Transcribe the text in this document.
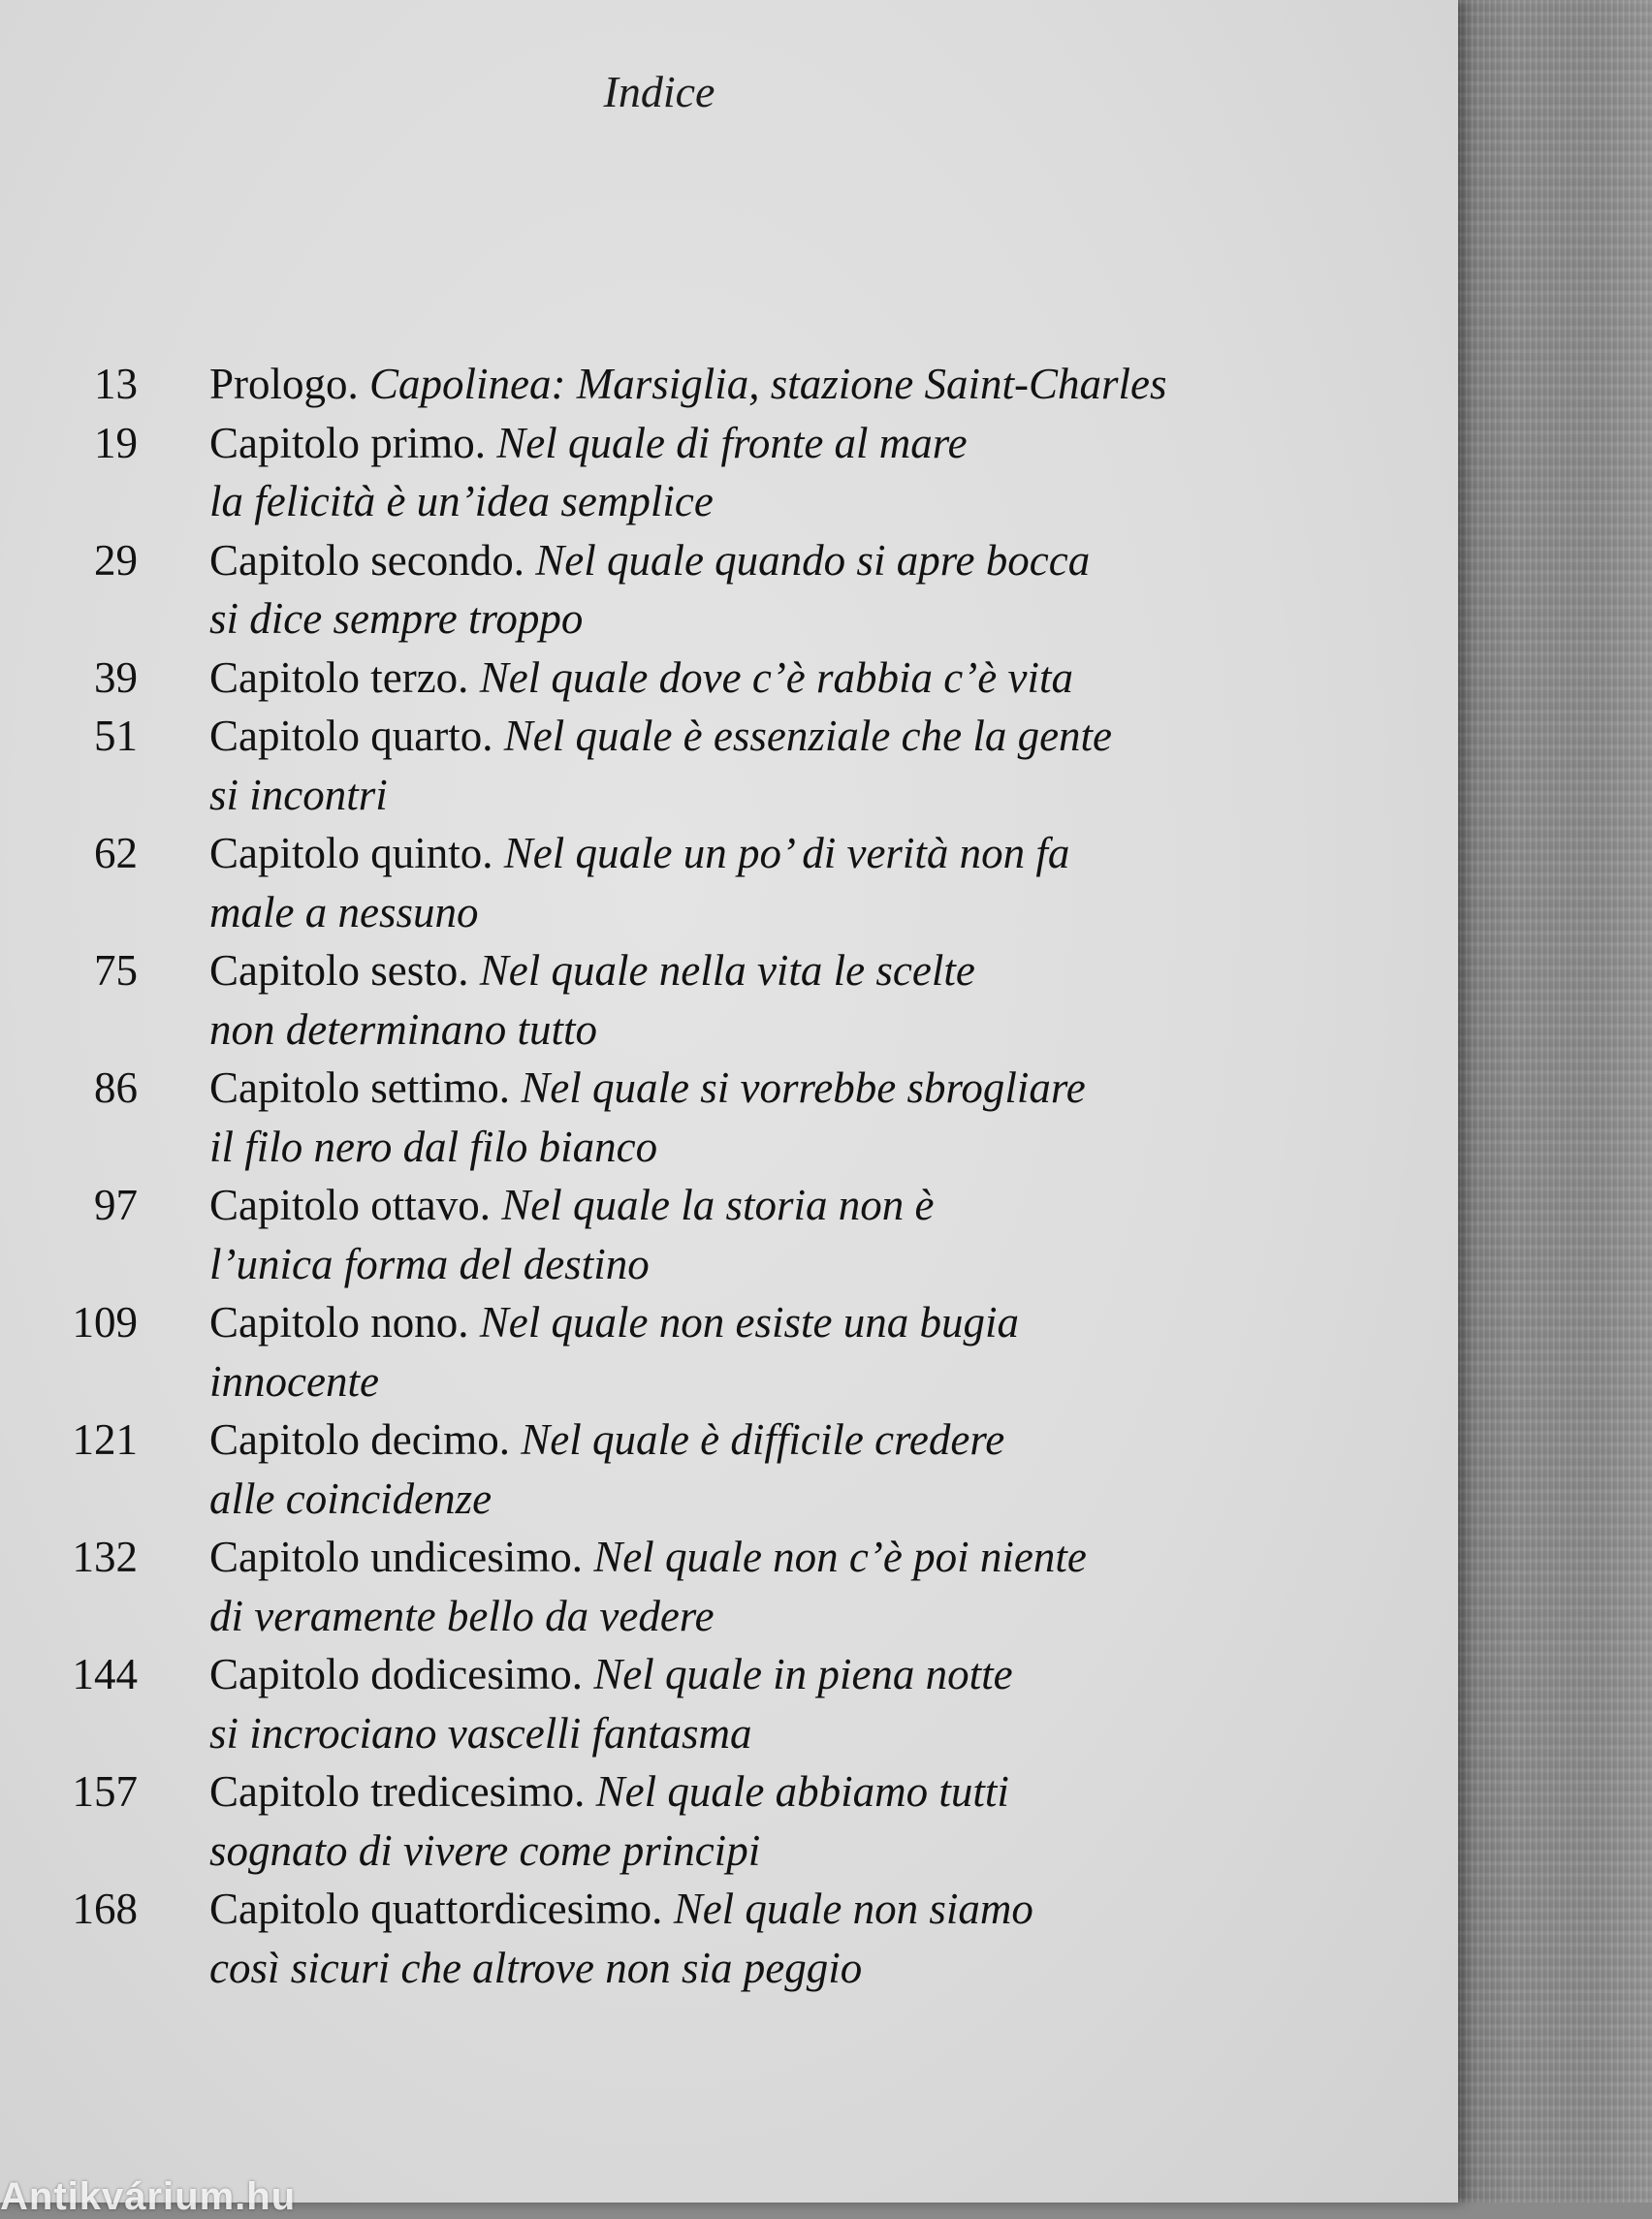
Indice
13	Prologo. Capolinea: Marsiglia, stazione Saint-Charles
19	Capitolo primo. Nel quale di fronte al mare
la felicità è un’idea semplice
29	Capitolo secondo. Nel quale quando si apre bocca
si dice sempre troppo
39	Capitolo terzo. Nel quale dove c’è rabbia c’è vita
51	Capitolo quarto. Nel quale è essenziale che la gente
si incontri
62	Capitolo quinto. Nel quale un po’ di verità non fa
male a nessuno
75	Capitolo sesto. Nel quale nella vita le scelte
non determinano tutto
86	Capitolo settimo. Nel quale si vorrebbe sbrogliare
il filo nero dal filo bianco
97	Capitolo ottavo. Nel quale la storia non è
l’unica forma del destino
109	Capitolo nono. Nel quale non esiste una bugia
innocente
121	Capitolo decimo. Nel quale è difficile credere
alle coincidenze
132	Capitolo undicesimo. Nel quale non c’è poi niente
di veramente bello da vedere
144	Capitolo dodicesimo. Nel quale in piena notte
si incrociano vascelli fantasma
157	Capitolo tredicesimo. Nel quale abbiamo tutti
sognato di vivere come principi
168	Capitolo quattordicesimo. Nel quale non siamo
così sicuri che altrove non sia peggio
Antikvárium.hu
